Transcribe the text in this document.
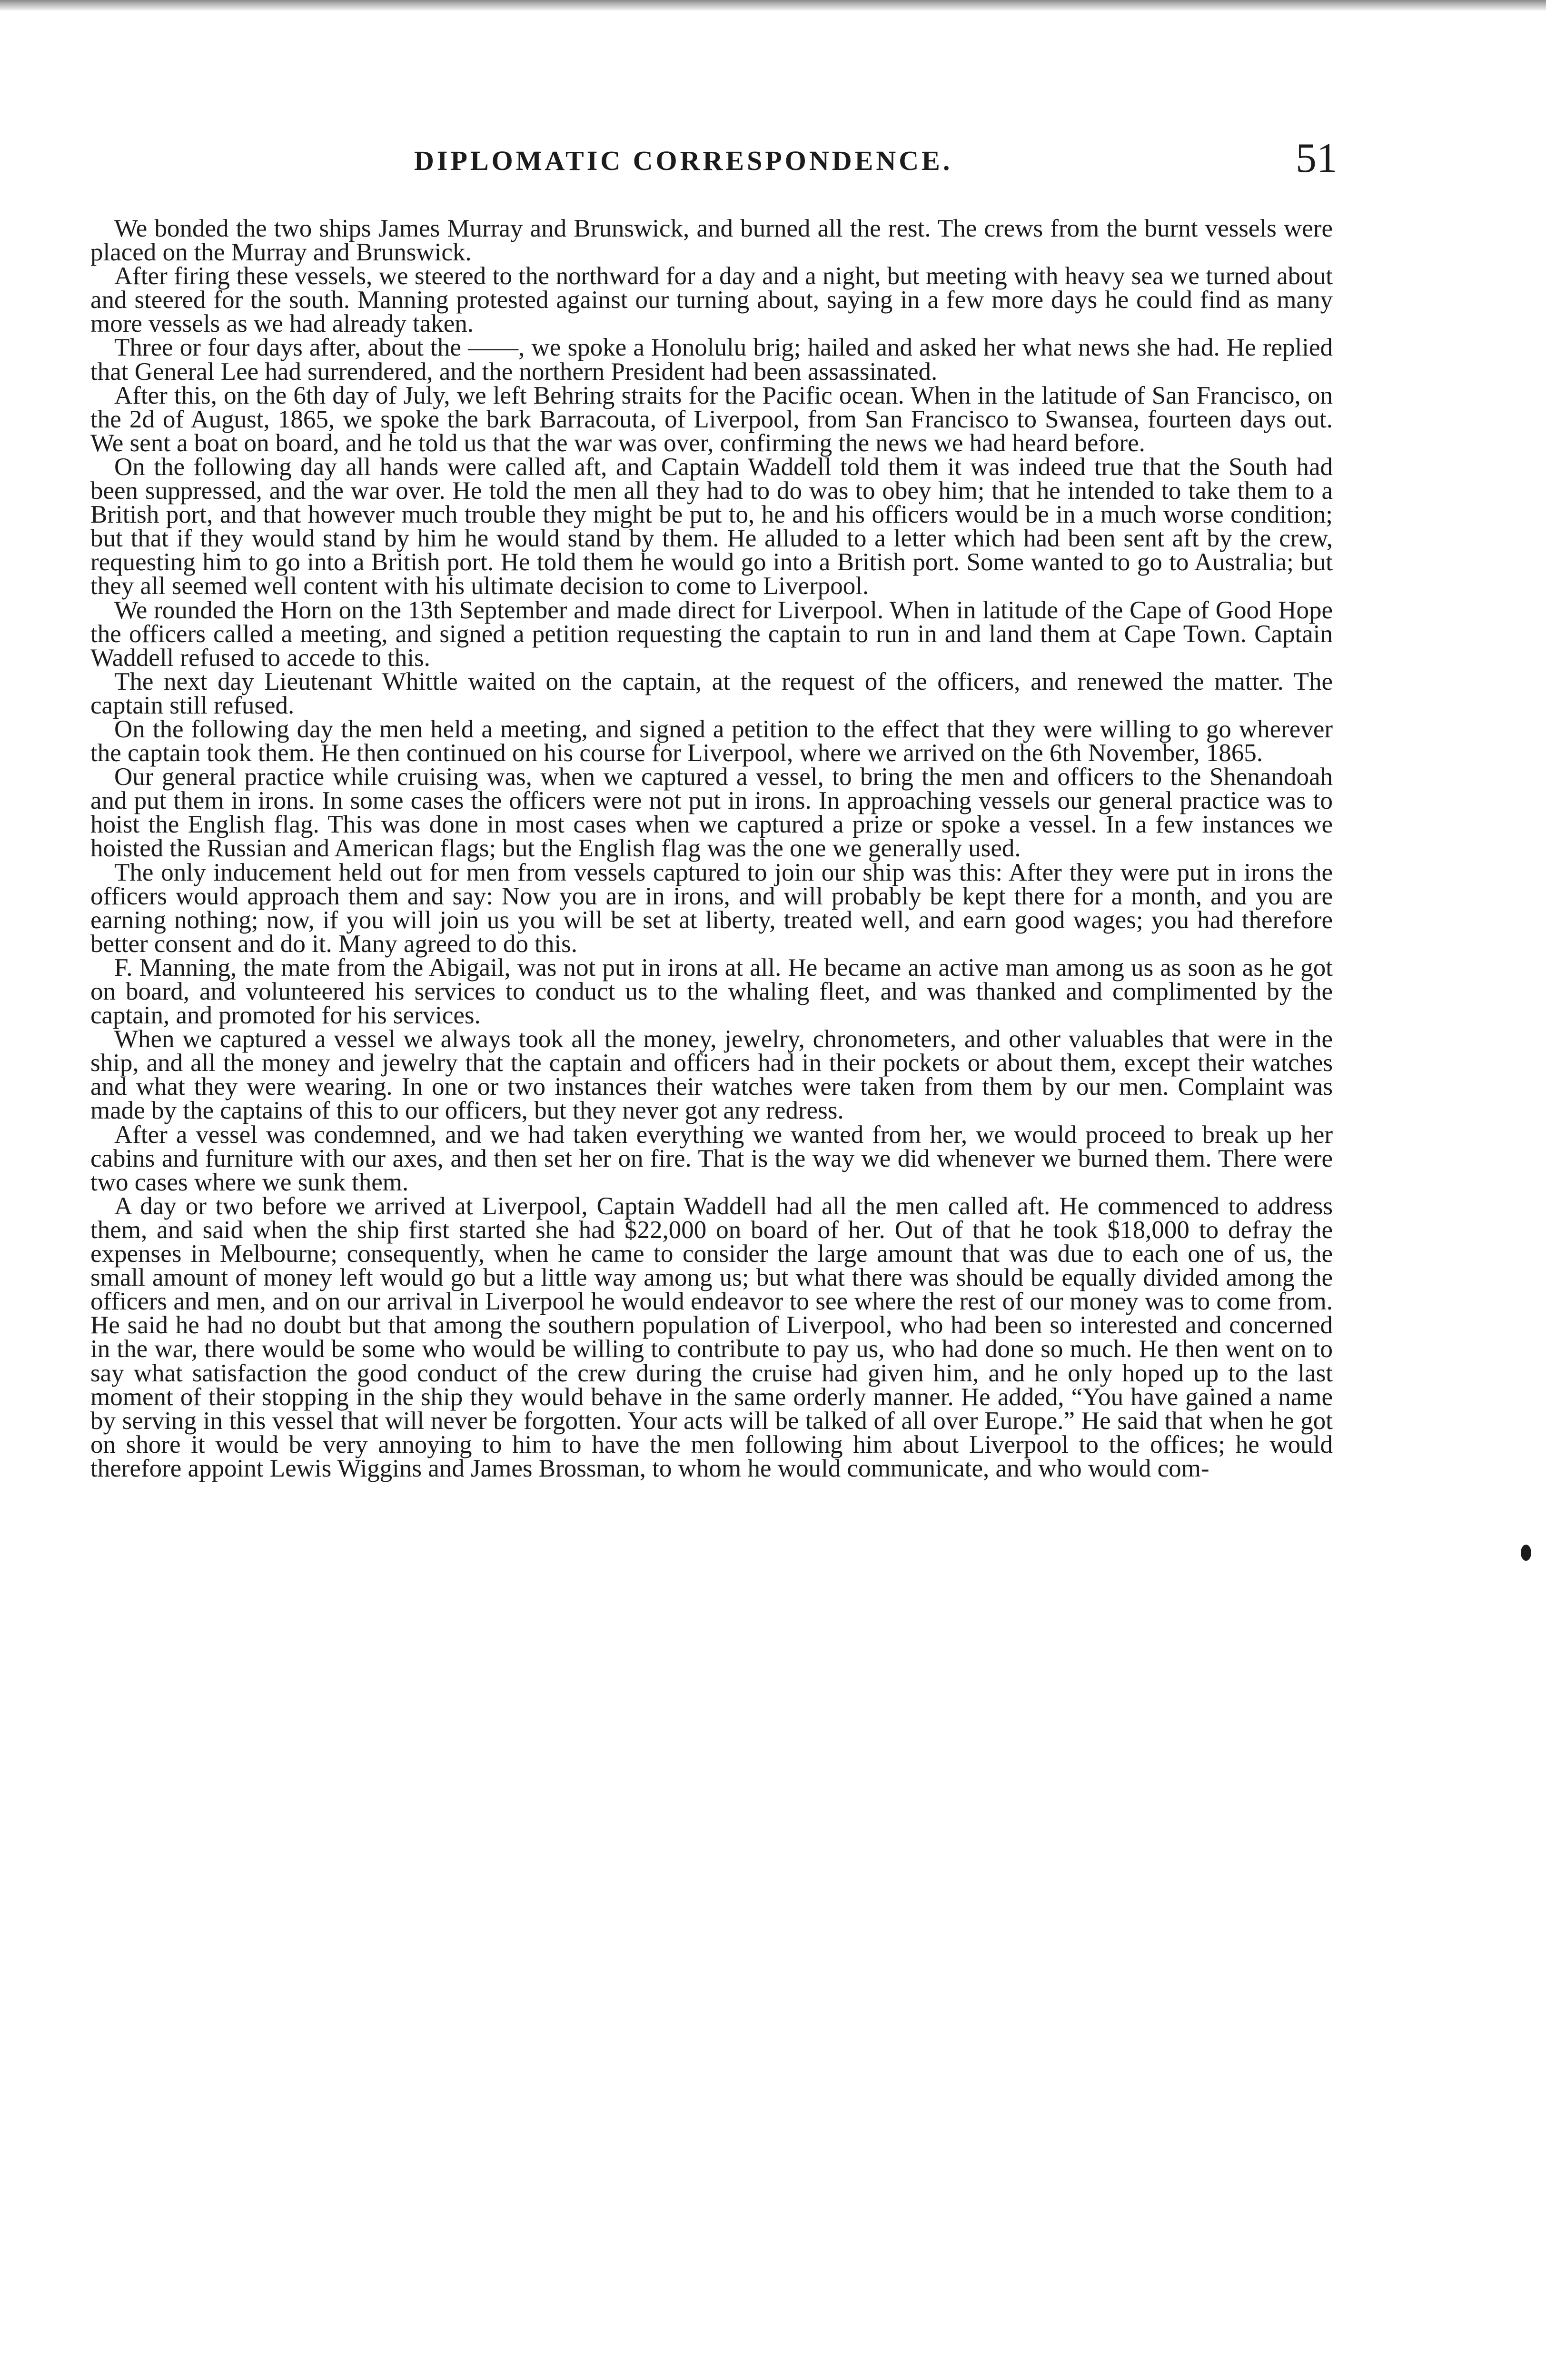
DIPLOMATIC CORRESPONDENCE.	51

We bonded the two ships James Murray and Brunswick, and burned all the rest. The crews from the burnt vessels were placed on the Murray and Brunswick.

After firing these vessels, we steered to the northward for a day and a night, but meeting with heavy sea we turned about and steered for the south. Manning protested against our turning about, saying in a few more days he could find as many more vessels as we had already taken.

Three or four days after, about the ——, we spoke a Honolulu brig; hailed and asked her what news she had. He replied that General Lee had surrendered, and the northern President had been assassinated.

After this, on the 6th day of July, we left Behring straits for the Pacific ocean. When in the latitude of San Francisco, on the 2d of August, 1865, we spoke the bark Barracouta, of Liverpool, from San Francisco to Swansea, fourteen days out. We sent a boat on board, and he told us that the war was over, confirming the news we had heard before.

On the following day all hands were called aft, and Captain Waddell told them it was indeed true that the South had been suppressed, and the war over. He told the men all they had to do was to obey him; that he intended to take them to a British port, and that however much trouble they might be put to, he and his officers would be in a much worse condition; but that if they would stand by him he would stand by them. He alluded to a letter which had been sent aft by the crew, requesting him to go into a British port. He told them he would go into a British port. Some wanted to go to Australia; but they all seemed well content with his ultimate decision to come to Liverpool.

We rounded the Horn on the 13th September and made direct for Liverpool. When in latitude of the Cape of Good Hope the officers called a meeting, and signed a petition requesting the captain to run in and land them at Cape Town. Captain Waddell refused to accede to this.

The next day Lieutenant Whittle waited on the captain, at the request of the officers, and renewed the matter. The captain still refused.

On the following day the men held a meeting, and signed a petition to the effect that they were willing to go wherever the captain took them. He then continued on his course for Liverpool, where we arrived on the 6th November, 1865.

Our general practice while cruising was, when we captured a vessel, to bring the men and officers to the Shenandoah and put them in irons. In some cases the officers were not put in irons. In approaching vessels our general practice was to hoist the English flag. This was done in most cases when we captured a prize or spoke a vessel. In a few instances we hoisted the Russian and American flags; but the English flag was the one we generally used.

The only inducement held out for men from vessels captured to join our ship was this: After they were put in irons the officers would approach them and say: Now you are in irons, and will probably be kept there for a month, and you are earning nothing; now, if you will join us you will be set at liberty, treated well, and earn good wages; you had therefore better consent and do it. Many agreed to do this.

F. Manning, the mate from the Abigail, was not put in irons at all. He became an active man among us as soon as he got on board, and volunteered his services to conduct us to the whaling fleet, and was thanked and complimented by the captain, and promoted for his services.

When we captured a vessel we always took all the money, jewelry, chronometers, and other valuables that were in the ship, and all the money and jewelry that the captain and officers had in their pockets or about them, except their watches and what they were wearing. In one or two instances their watches were taken from them by our men. Complaint was made by the captains of this to our officers, but they never got any redress.

After a vessel was condemned, and we had taken everything we wanted from her, we would proceed to break up her cabins and furniture with our axes, and then set her on fire. That is the way we did whenever we burned them. There were two cases where we sunk them.

A day or two before we arrived at Liverpool, Captain Waddell had all the men called aft. He commenced to address them, and said when the ship first started she had $22,000 on board of her. Out of that he took $18,000 to defray the expenses in Melbourne; consequently, when he came to consider the large amount that was due to each one of us, the small amount of money left would go but a little way among us; but what there was should be equally divided among the officers and men, and on our arrival in Liverpool he would endeavor to see where the rest of our money was to come from. He said he had no doubt but that among the southern population of Liverpool, who had been so interested and concerned in the war, there would be some who would be willing to contribute to pay us, who had done so much. He then went on to say what satisfaction the good conduct of the crew during the cruise had given him, and he only hoped up to the last moment of their stopping in the ship they would behave in the same orderly manner. He added, “You have gained a name by serving in this vessel that will never be forgotten. Your acts will be talked of all over Europe.” He said that when he got on shore it would be very annoying to him to have the men following him about Liverpool to the offices; he would therefore appoint Lewis Wiggins and James Brossman, to whom he would communicate, and who would com-
